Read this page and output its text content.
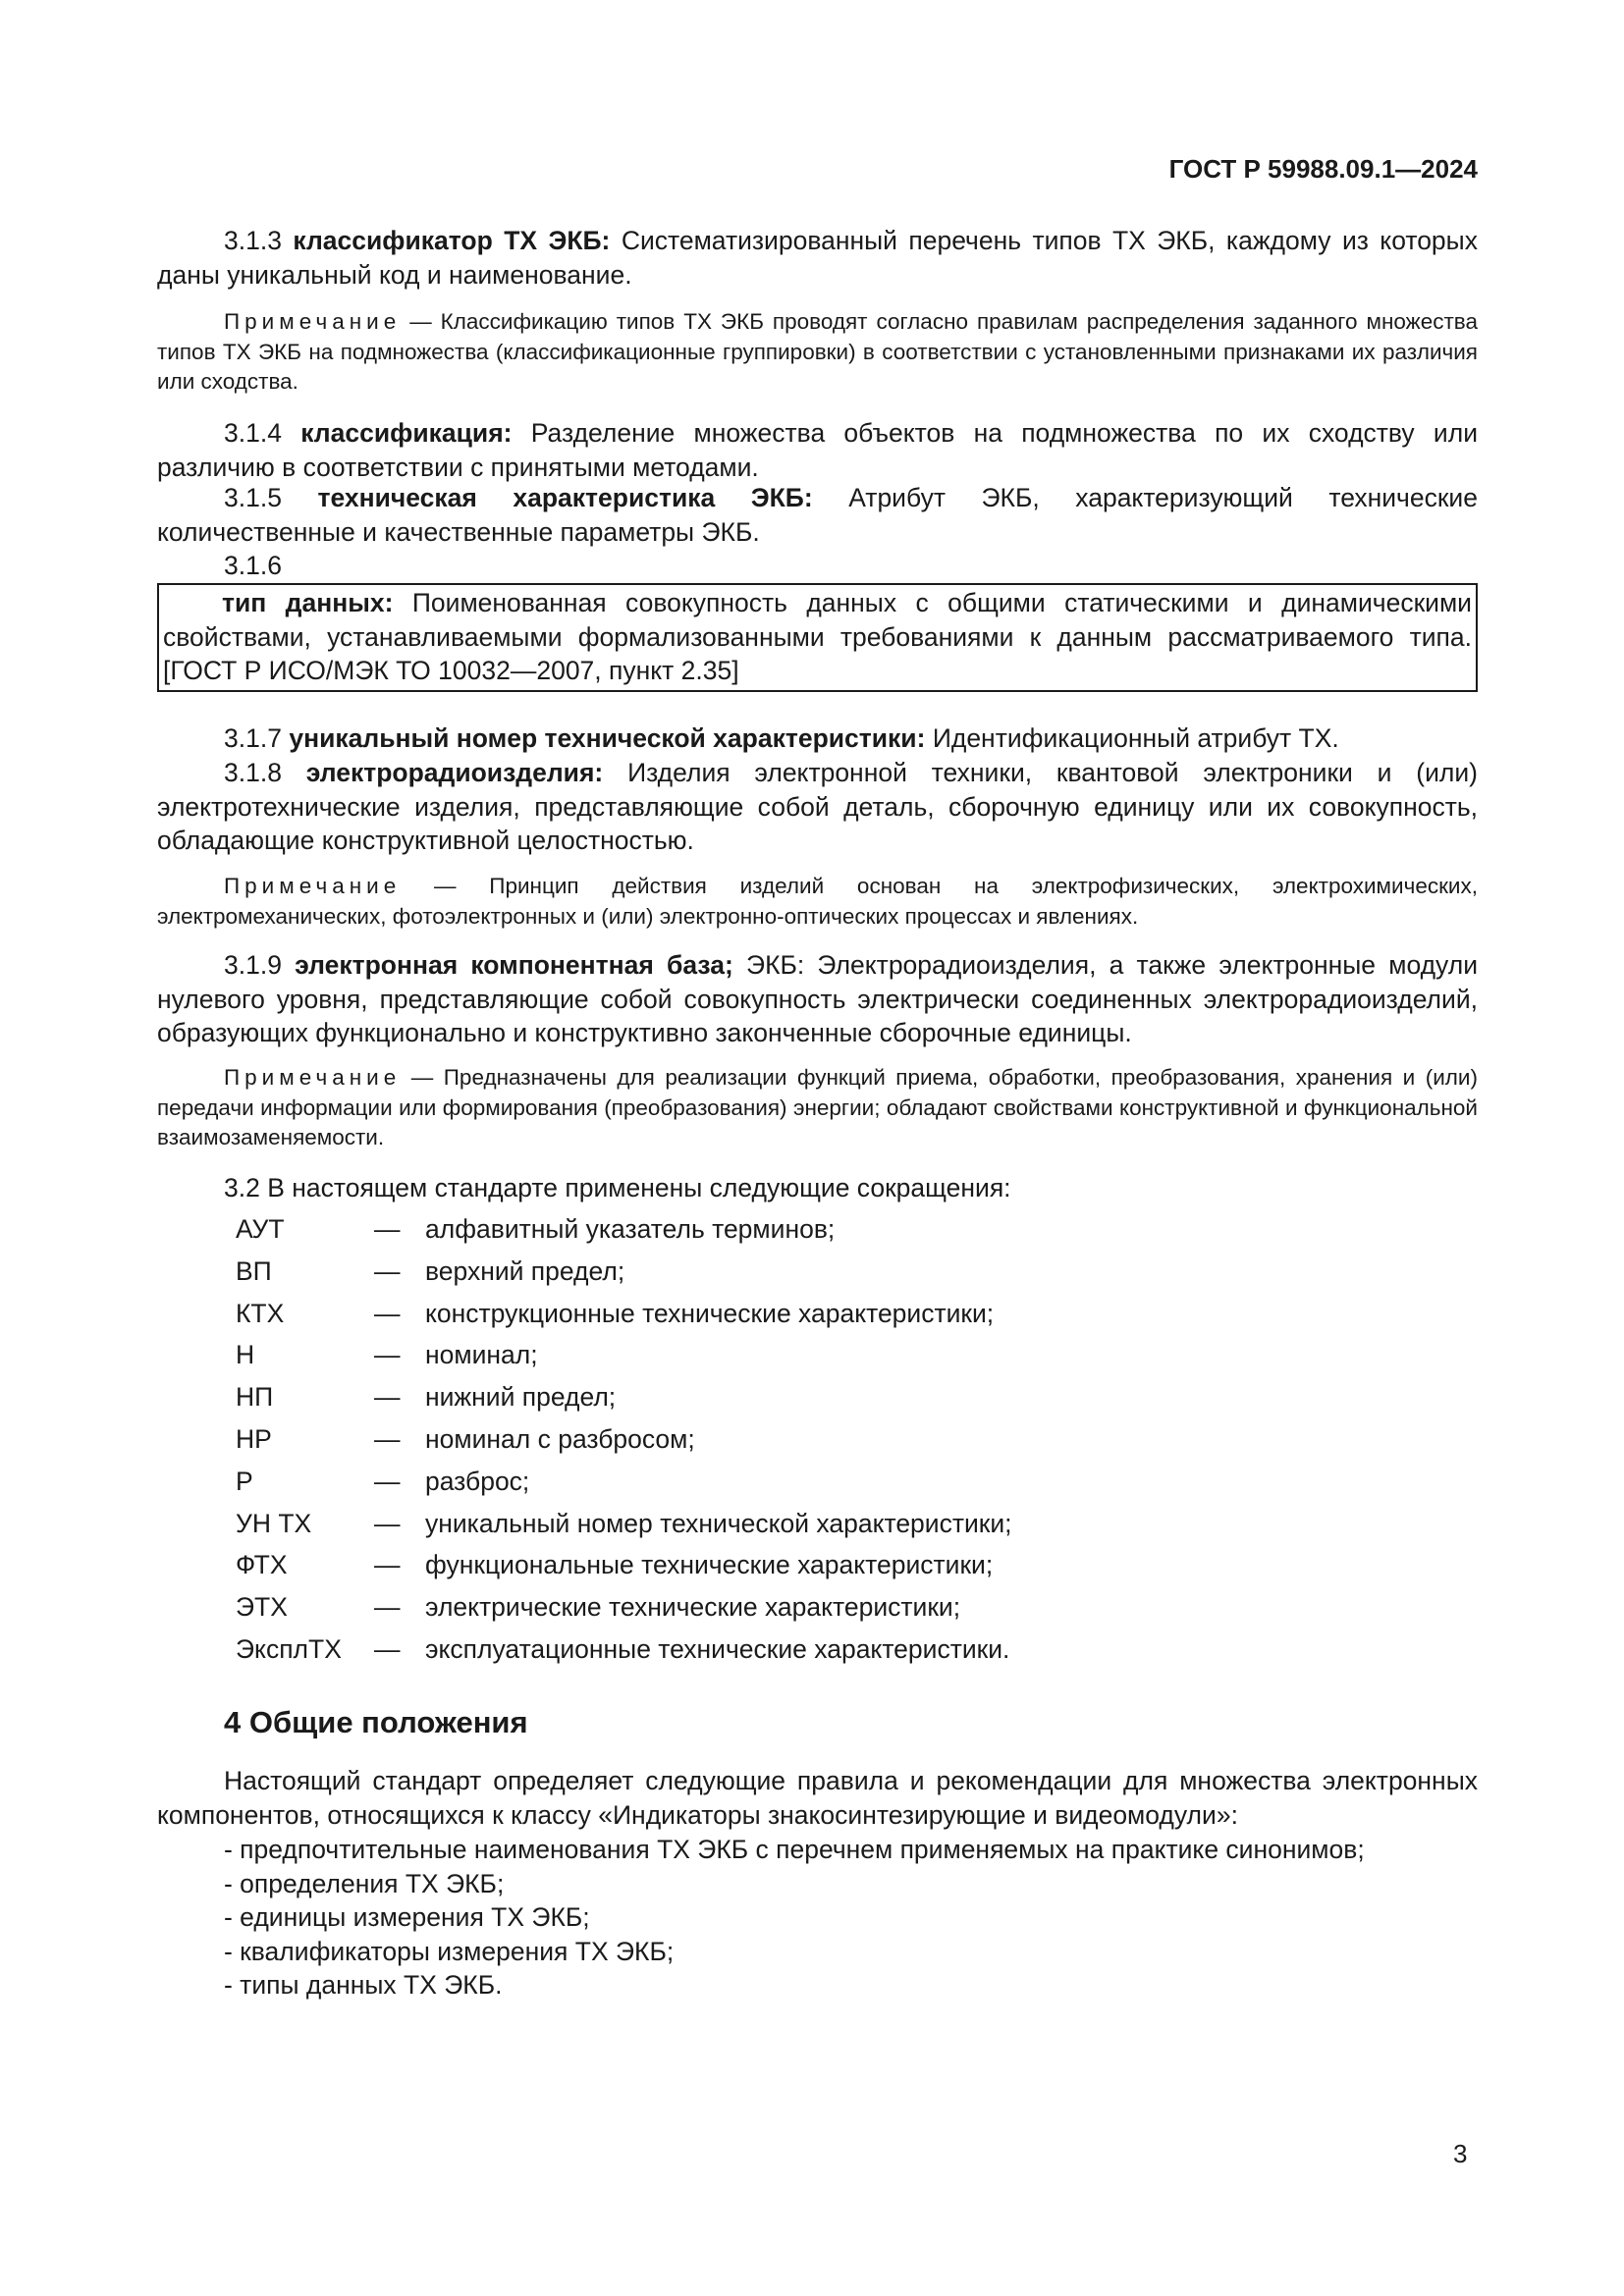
ГОСТ Р 59988.09.1—2024

3.1.3 классификатор ТХ ЭКБ: Систематизированный перечень типов ТХ ЭКБ, каждому из которых даны уникальный код и наименование.

Примечание — Классификацию типов ТХ ЭКБ проводят согласно правилам распределения заданного множества типов ТХ ЭКБ на подмножества (классификационные группировки) в соответствии с установленными признаками их различия или сходства.

3.1.4 классификация: Разделение множества объектов на подмножества по их сходству или различию в соответствии с принятыми методами.

3.1.5 техническая характеристика ЭКБ: Атрибут ЭКБ, характеризующий технические количественные и качественные параметры ЭКБ.

3.1.6

тип данных: Поименованная совокупность данных с общими статическими и динамическими свойствами, устанавливаемыми формализованными требованиями к данным рассматриваемого типа. [ГОСТ Р ИСО/МЭК ТО 10032—2007, пункт 2.35]

3.1.7 уникальный номер технической характеристики: Идентификационный атрибут ТХ.

3.1.8 электрорадиоизделия: Изделия электронной техники, квантовой электроники и (или) электротехнические изделия, представляющие собой деталь, сборочную единицу или их совокупность, обладающие конструктивной целостностью.

Примечание — Принцип действия изделий основан на электрофизических, электрохимических, электромеханических, фотоэлектронных и (или) электронно-оптических процессах и явлениях.

3.1.9 электронная компонентная база; ЭКБ: Электрорадиоизделия, а также электронные модули нулевого уровня, представляющие собой совокупность электрически соединенных электрорадиоизделий, образующих функционально и конструктивно законченные сборочные единицы.

Примечание — Предназначены для реализации функций приема, обработки, преобразования, хранения и (или) передачи информации или формирования (преобразования) энергии; обладают свойствами конструктивной и функциональной взаимозаменяемости.

3.2 В настоящем стандарте применены следующие сокращения:

АУТ	— алфавитный указатель терминов;
ВП	— верхний предел;
КТХ	— конструкционные технические характеристики;
Н	— номинал;
НП	— нижний предел;
НР	— номинал с разбросом;
Р	— разброс;
УН ТХ	— уникальный номер технической характеристики;
ФТХ	— функциональные технические характеристики;
ЭТХ	— электрические технические характеристики;
ЭксплТХ	— эксплуатационные технические характеристики.
4 Общие положения

Настоящий стандарт определяет следующие правила и рекомендации для множества электронных компонентов, относящихся к классу «Индикаторы знакосинтезирующие и видеомодули»:

- предпочтительные наименования ТХ ЭКБ с перечнем применяемых на практике синонимов;

- определения ТХ ЭКБ;

- единицы измерения ТХ ЭКБ;

- квалификаторы измерения ТХ ЭКБ;

- типы данных ТХ ЭКБ.

3
